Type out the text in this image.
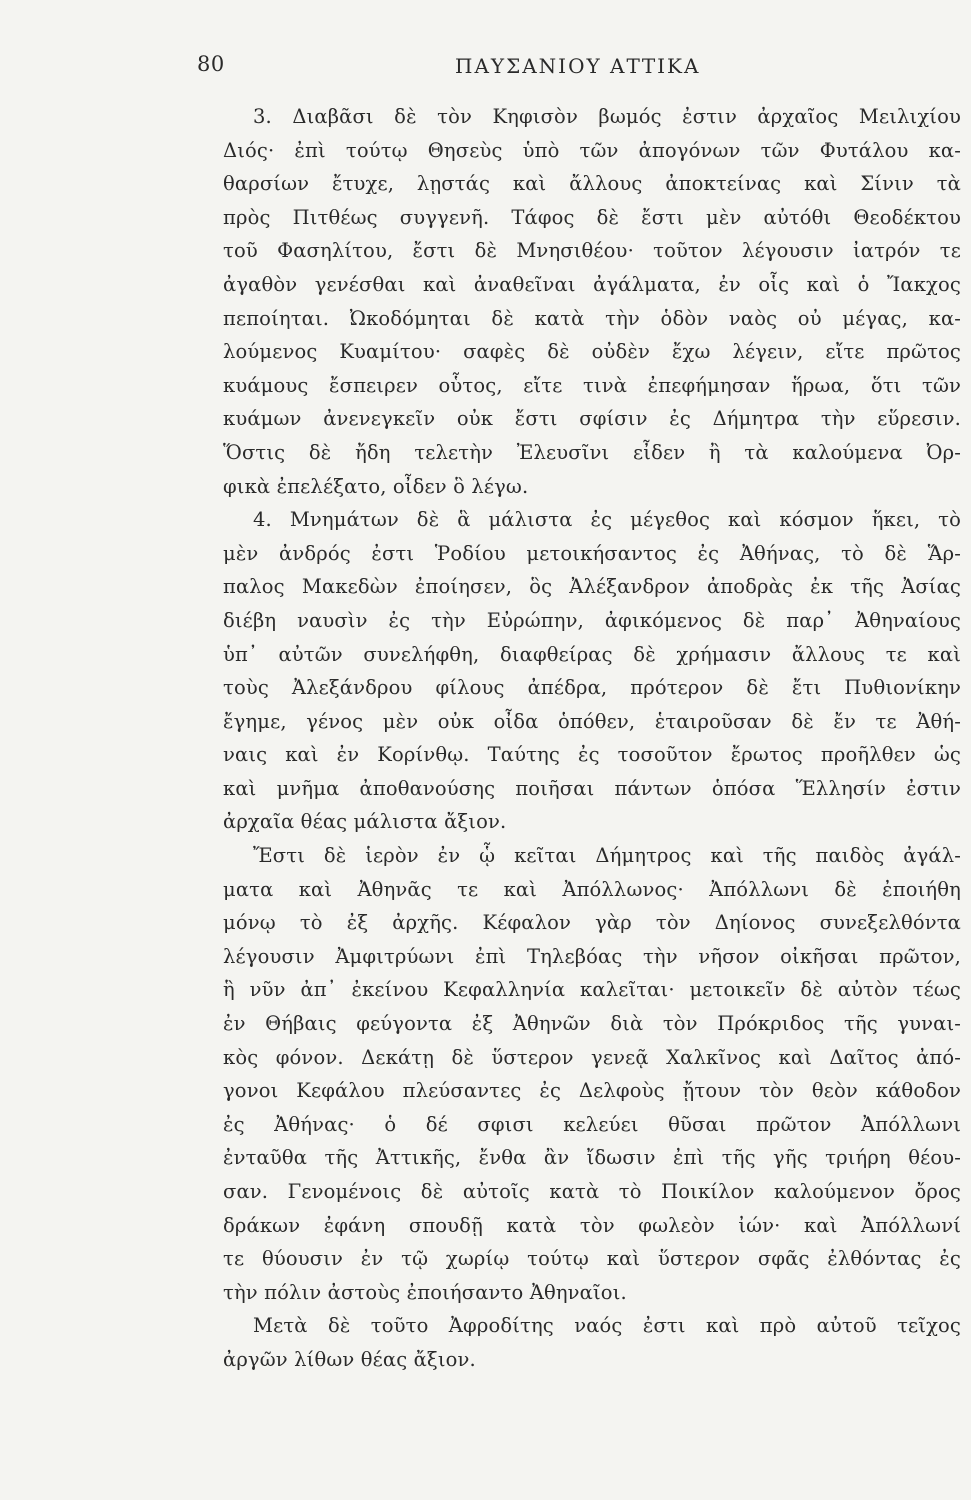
80	ΠΑΥΣΑΝΙΟΥ ΑΤΤΙΚΑ
3. Διαβᾶσι δὲ τὸν Κηφισὸν βωμός ἐστιν ἀρχαῖος Μειλιχίου
Διός· ἐπὶ τούτῳ Θησεὺς ὑπὸ τῶν ἀπογόνων τῶν Φυτάλου κα-
θαρσίων ἔτυχε, λῃστάς καὶ ἄλλους ἀποκτείνας καὶ Σίνιν τὰ
πρὸς Πιτθέως συγγενῆ. Τάφος δὲ ἔστι μὲν αὐτόθι Θεοδέκτου
τοῦ Φασηλίτου, ἔστι δὲ Μνησιθέου· τοῦτον λέγουσιν ἰατρόν τε
ἀγαθὸν γενέσθαι καὶ ἀναθεῖναι ἀγάλματα, ἐν οἷς καὶ ὁ Ἴακχος
πεποίηται. Ὠκοδόμηται δὲ κατὰ τὴν ὁδὸν ναὸς οὐ μέγας, κα-
λούμενος Κυαμίτου· σαφὲς δὲ οὐδὲν ἔχω λέγειν, εἴτε πρῶτος
κυάμους ἔσπειρεν οὗτος, εἴτε τινὰ ἐπεφήμησαν ἥρωα, ὅτι τῶν
κυάμων ἀνενεγκεῖν οὐκ ἔστι σφίσιν ἐς Δήμητρα τὴν εὕρεσιν.
Ὅστις δὲ ἤδη τελετὴν Ἐλευσῖνι εἶδεν ἢ τὰ καλούμενα Ὀρ-
φικὰ ἐπελέξατο, οἶδεν ὃ λέγω.
4. Μνημάτων δὲ ἃ μάλιστα ἐς μέγεθος καὶ κόσμον ἥκει, τὸ
μὲν ἀνδρός ἐστι Ῥοδίου μετοικήσαντος ἐς Ἀθήνας, τὸ δὲ Ἅρ-
παλος Μακεδὼν ἐποίησεν, ὃς Ἀλέξανδρον ἀποδρὰς ἐκ τῆς Ἀσίας
διέβη ναυσὶν ἐς τὴν Εὐρώπην, ἀφικόμενος δὲ παρ᾽ Ἀθηναίους
ὑπ᾽ αὐτῶν συνελήφθη, διαφθείρας δὲ χρήμασιν ἄλλους τε καὶ
τοὺς Ἀλεξάνδρου φίλους ἀπέδρα, πρότερον δὲ ἔτι Πυθιονίκην
ἔγημε, γένος μὲν οὐκ οἶδα ὁπόθεν, ἑταιροῦσαν δὲ ἔν τε Ἀθή-
ναις καὶ ἐν Κορίνθῳ. Ταύτης ἐς τοσοῦτον ἔρωτος προῆλθεν ὡς
καὶ μνῆμα ἀποθανούσης ποιῆσαι πάντων ὁπόσα Ἕλλησίν ἐστιν
ἀρχαῖα θέας μάλιστα ἄξιον.
Ἔστι δὲ ἱερὸν ἐν ᾧ κεῖται Δήμητρος καὶ τῆς παιδὸς ἀγάλ-
ματα καὶ Ἀθηνᾶς τε καὶ Ἀπόλλωνος· Ἀπόλλωνι δὲ ἐποιήθη
μόνῳ τὸ ἐξ ἀρχῆς. Κέφαλον γὰρ τὸν Δηίονος συνεξελθόντα
λέγουσιν Ἀμφιτρύωνι ἐπὶ Τηλεβόας τὴν νῆσον οἰκῆσαι πρῶτον,
ἣ νῦν ἀπ᾽ ἐκείνου Κεφαλληνία καλεῖται· μετοικεῖν δὲ αὐτὸν τέως
ἐν Θήβαις φεύγοντα ἐξ Ἀθηνῶν διὰ τὸν Πρόκριδος τῆς γυναι-
κὸς φόνον. Δεκάτῃ δὲ ὕστερον γενεᾷ Χαλκῖνος καὶ Δαῖτος ἀπό-
γονοι Κεφάλου πλεύσαντες ἐς Δελφοὺς ᾔτουν τὸν θεὸν κάθοδον
ἐς Ἀθήνας· ὁ δέ σφισι κελεύει θῦσαι πρῶτον Ἀπόλλωνι
ἐνταῦθα τῆς Ἀττικῆς, ἔνθα ἂν ἴδωσιν ἐπὶ τῆς γῆς τριήρη θέου-
σαν. Γενομένοις δὲ αὐτοῖς κατὰ τὸ Ποικίλον καλούμενον ὄρος
δράκων ἐφάνη σπουδῇ κατὰ τὸν φωλεὸν ἰών· καὶ Ἀπόλλωνί
τε θύουσιν ἐν τῷ χωρίῳ τούτῳ καὶ ὕστερον σφᾶς ἐλθόντας ἐς
τὴν πόλιν ἀστοὺς ἐποιήσαντο Ἀθηναῖοι.
Μετὰ δὲ τοῦτο Ἀφροδίτης ναός ἐστι καὶ πρὸ αὐτοῦ τεῖχος
ἀργῶν λίθων θέας ἄξιον.
